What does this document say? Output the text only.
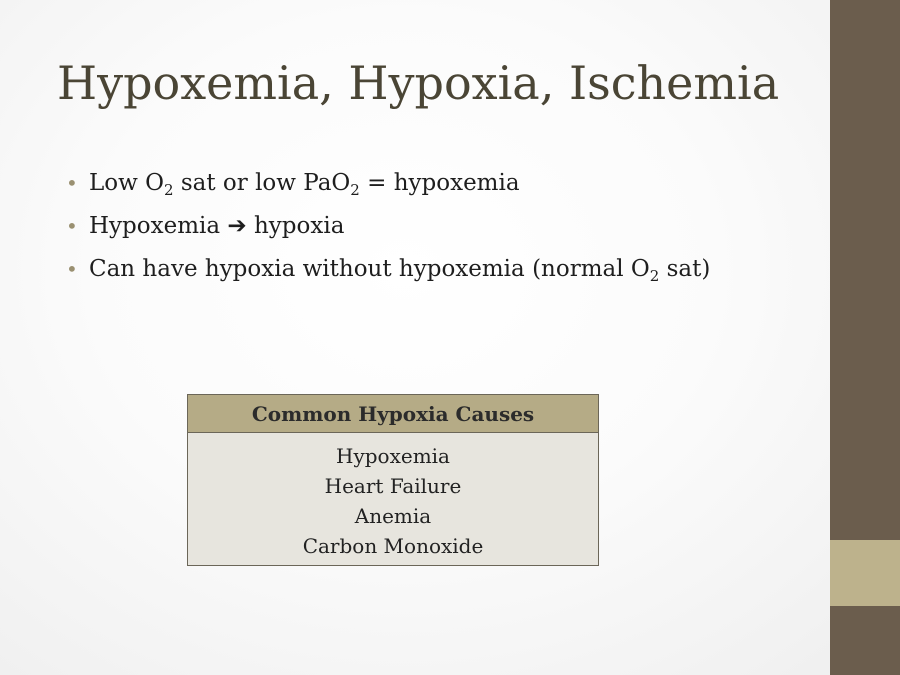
Hypoxemia, Hypoxia, Ischemia
• Low $O_2$ sat or low PaO$_2$ = hypoxemia
• Hypoxemia ➔ hypoxia
• Can have hypoxia without hypoxemia (normal $O_2$ sat)
Common Hypoxia Causes
Hypoxemia
Heart Failure
Anemia
Carbon Monoxide
